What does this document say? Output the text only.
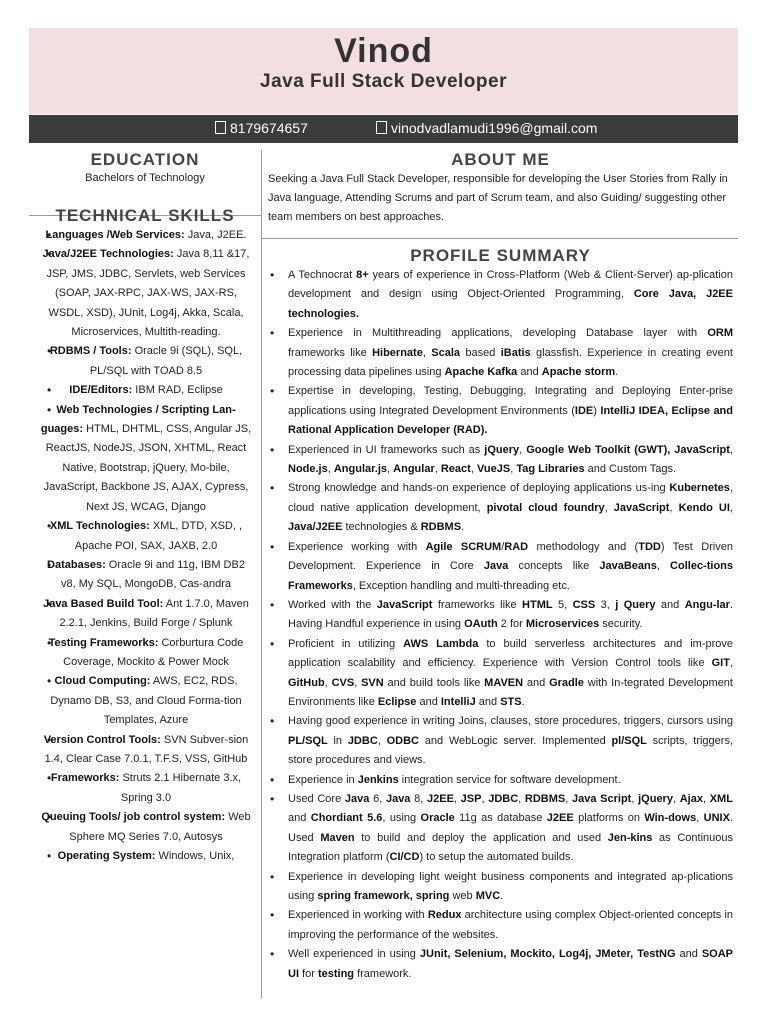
Vinod
Java Full Stack Developer
8179674657	vinodvadlamudi1996@gmail.com
EDUCATION
Bachelors of Technology
TECHNICAL SKILLS
• Languages /Web Services: Java, J2EE.
• Java/J2EE Technologies: Java 8,11 &17, JSP, JMS, JDBC, Servlets, web Services (SOAP, JAX-RPC, JAX-WS, JAX-RS, WSDL, XSD), JUnit, Log4j, Akka, Scala, Microservices, Multith-reading.
• RDBMS / Tools: Oracle 9i (SQL), SQL, PL/SQL with TOAD 8.5
• IDE/Editors: IBM RAD, Eclipse
• Web Technologies / Scripting Lan-guages: HTML, DHTML, CSS, Angular JS, ReactJS, NodeJS, JSON, XHTML, React Native, Bootstrap, jQuery, Mo-bile, JavaScript, Backbone JS, AJAX, Cypress, Next JS, WCAG, Django
• XML Technologies: XML, DTD, XSD, , Apache POI, SAX, JAXB, 2.0
• Databases: Oracle 9i and 11g, IBM DB2 v8, My SQL, MongoDB, Cas-andra
• Java Based Build Tool: Ant 1.7.0, Maven 2.2.1, Jenkins, Build Forge / Splunk
• Testing Frameworks: Corburtura Code Coverage, Mockito & Power Mock
• Cloud Computing: AWS, EC2, RDS, Dynamo DB, S3, and Cloud Forma-tion Templates, Azure
• Version Control Tools: SVN Subver-sion 1.4, Clear Case 7.0.1, T.F.S, VSS, GitHub
• Frameworks: Struts 2.1 Hibernate 3.x, Spring 3.0
• Queuing Tools/ job control system: Web Sphere MQ Series 7.0, Autosys
• Operating System: Windows, Unix,
ABOUT ME
Seeking a Java Full Stack Developer, responsible for developing the User Stories from Rally in Java language, Attending Scrums and part of Scrum team, and also Guiding/ suggesting other team members on best approaches.
PROFILE SUMMARY
• A Technocrat 8+ years of experience in Cross-Platform (Web & Client-Server) ap-plication development and design using Object-Oriented Programming, Core Java, J2EE technologies.
• Experience in Multithreading applications, developing Database layer with ORM frameworks like Hibernate, Scala based iBatis glassfish. Experience in creating event processing data pipelines using Apache Kafka and Apache storm.
• Expertise in developing, Testing, Debugging, Integrating and Deploying Enter-prise applications using Integrated Development Environments (IDE) IntelliJ IDEA, Eclipse and Rational Application Developer (RAD).
• Experienced in UI frameworks such as jQuery, Google Web Toolkit (GWT), JavaScript, Node.js, Angular.js, Angular, React, VueJS, Tag Libraries and Custom Tags.
• Strong knowledge and hands-on experience of deploying applications us-ing Kubernetes, cloud native application development, pivotal cloud foundry, JavaScript, Kendo UI, Java/J2EE technologies & RDBMS.
• Experience working with Agile SCRUM/RAD methodology and (TDD) Test Driven Development. Experience in Core Java concepts like JavaBeans, Collec-tions Frameworks, Exception handling and multi-threading etc.
• Worked with the JavaScript frameworks like HTML 5, CSS 3, j Query and Angu-lar. Having Handful experience in using OAuth 2 for Microservices security.
• Proficient in utilizing AWS Lambda to build serverless architectures and im-prove application scalability and efficiency. Experience with Version Control tools like GIT, GitHub, CVS, SVN and build tools like MAVEN and Gradle with In-tegrated Development Environments like Eclipse and IntelliJ and STS.
• Having good experience in writing Joins, clauses, store procedures, triggers, cursors using PL/SQL in JDBC, ODBC and WebLogic server. Implemented pl/SQL scripts, triggers, store procedures and views.
• Experience in Jenkins integration service for software development.
• Used Core Java 6, Java 8, J2EE, JSP, JDBC, RDBMS, Java Script, jQuery, Ajax, XML and Chordiant 5.6, using Oracle 11g as database J2EE platforms on Win-dows, UNIX. Used Maven to build and deploy the application and used Jen-kins as Continuous Integration platform (CI/CD) to setup the automated builds.
• Experience in developing light weight business components and integrated ap-plications using spring framework, spring web MVC.
• Experienced in working with Redux architecture using complex Object-oriented concepts in improving the performance of the websites.
• Well experienced in using JUnit, Selenium, Mockito, Log4j, JMeter, TestNG and SOAP UI for testing framework.
